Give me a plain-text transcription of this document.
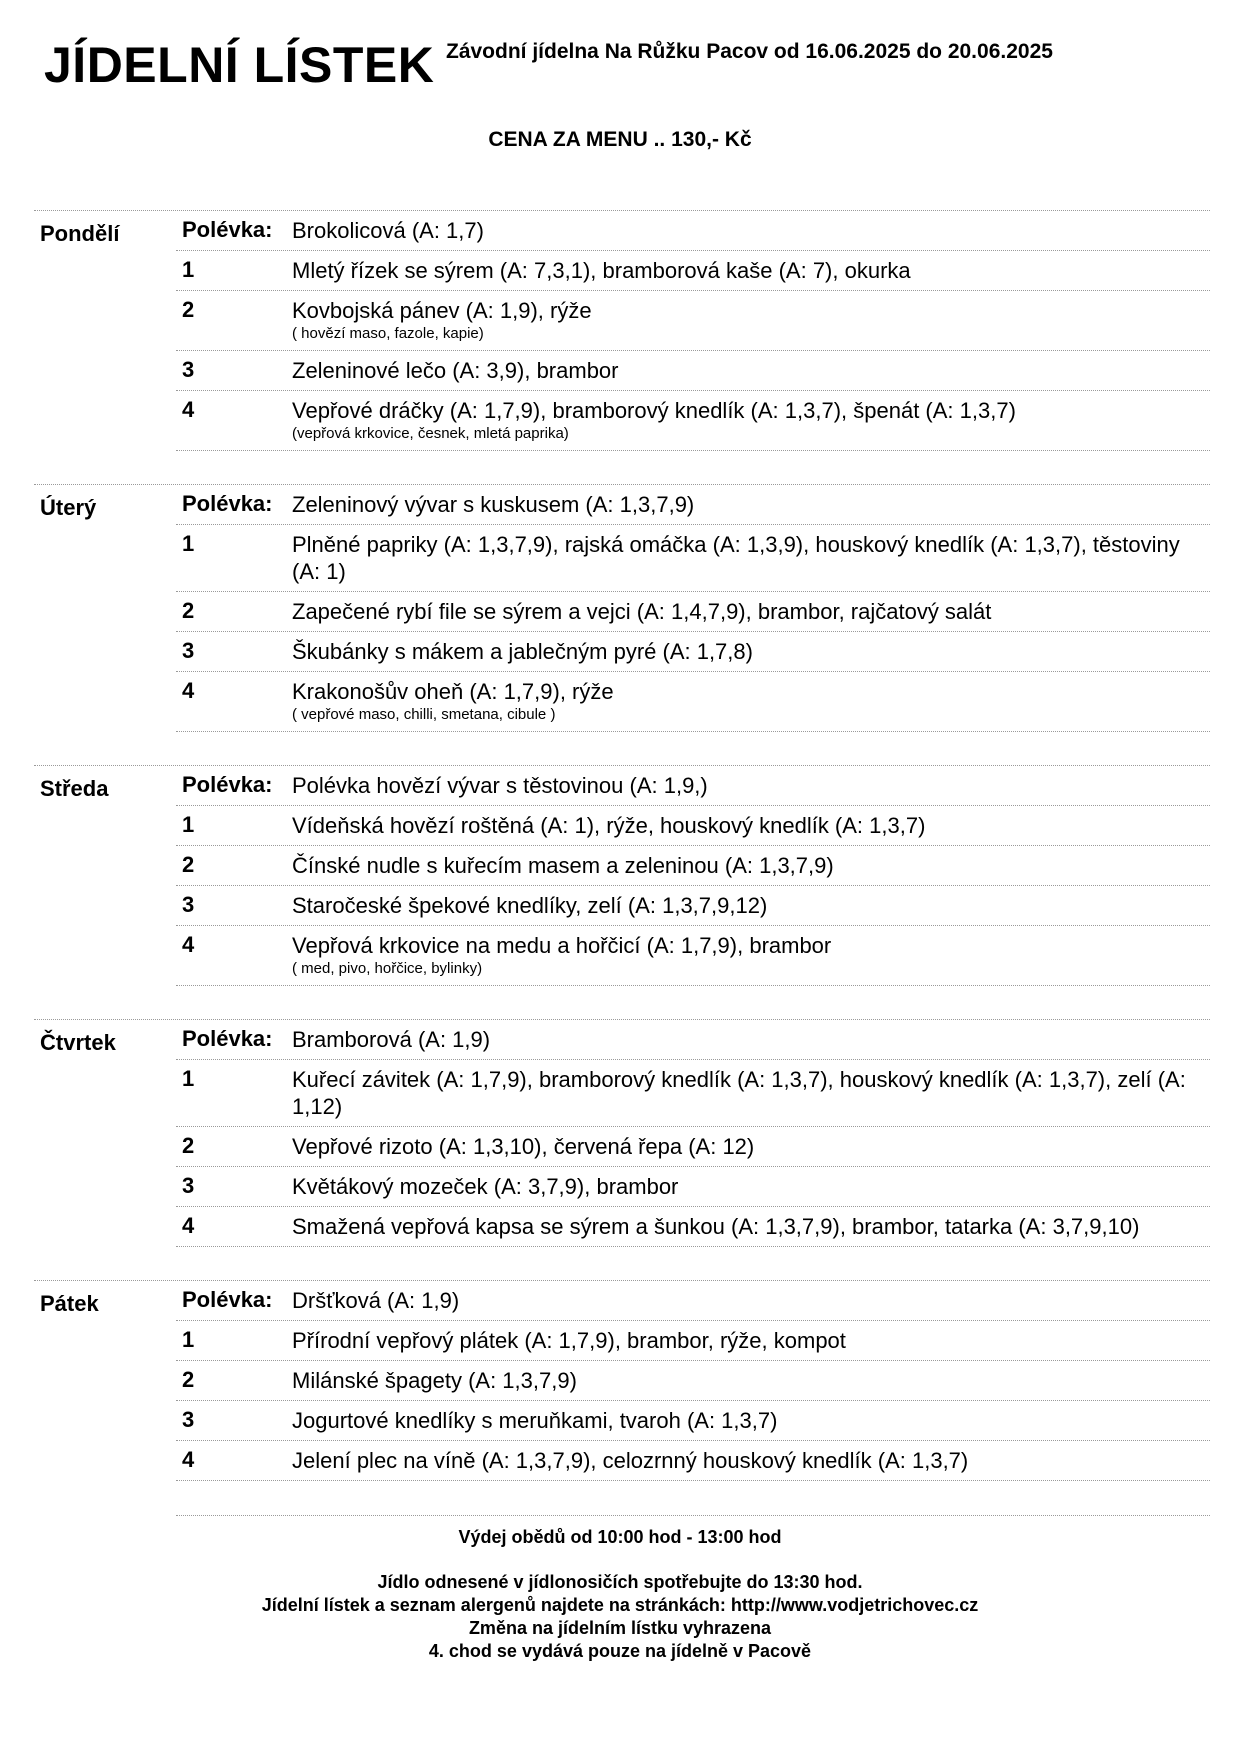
JÍDELNÍ LÍSTEK Závodní jídelna Na Růžku Pacov od 16.06.2025 do 20.06.2025
CENA ZA MENU .. 130,- Kč
Pondělí	Polévka: Brokolicová (A: 1,7)
1	Mletý řízek se sýrem (A: 7,3,1), bramborová kaše (A: 7), okurka
2	Kovbojská pánev (A: 1,9), rýže
( hovězí maso, fazole, kapie)
3	Zeleninové lečo (A: 3,9), brambor
4	Vepřové dráčky (A: 1,7,9), bramborový knedlík (A: 1,3,7), špenát (A: 1,3,7)
(vepřová krkovice, česnek, mletá paprika)
Úterý	Polévka: Zeleninový vývar s kuskusem (A: 1,3,7,9)
1	Plněné papriky (A: 1,3,7,9), rajská omáčka (A: 1,3,9), houskový knedlík (A: 1,3,7), těstoviny (A: 1)
2	Zapečené rybí file se sýrem a vejci (A: 1,4,7,9), brambor, rajčatový salát
3	Škubánky s mákem a jablečným pyré (A: 1,7,8)
4	Krakonošův oheň (A: 1,7,9), rýže
( vepřové maso, chilli, smetana, cibule )
Středa	Polévka: Polévka hovězí vývar s těstovinou (A: 1,9,)
1	Vídeňská hovězí roštěná (A: 1), rýže, houskový knedlík (A: 1,3,7)
2	Čínské nudle s kuřecím masem a zeleninou (A: 1,3,7,9)
3	Staročeské špekové knedlíky, zelí (A: 1,3,7,9,12)
4	Vepřová krkovice na medu a hořčicí (A: 1,7,9), brambor
( med, pivo, hořčice, bylinky)
Čtvrtek	Polévka: Bramborová (A: 1,9)
1	Kuřecí závitek (A: 1,7,9), bramborový knedlík (A: 1,3,7), houskový knedlík (A: 1,3,7), zelí (A: 1,12)
2	Vepřové rizoto (A: 1,3,10), červená řepa (A: 12)
3	Květákový mozeček (A: 3,7,9), brambor
4	Smažená vepřová kapsa se sýrem a šunkou (A: 1,3,7,9), brambor, tatarka (A: 3,7,9,10)
Pátek	Polévka: Dršťková (A: 1,9)
1	Přírodní vepřový plátek (A: 1,7,9), brambor, rýže, kompot
2	Milánské špagety (A: 1,3,7,9)
3	Jogurtové knedlíky s meruňkami, tvaroh (A: 1,3,7)
4	Jelení plec na víně (A: 1,3,7,9), celozrnný houskový knedlík (A: 1,3,7)
Výdej obědů od 10:00 hod - 13:00 hod
Jídlo odnesené v jídlonosičích spotřebujte do 13:30 hod.
Jídelní lístek a seznam alergenů najdete na stránkách: http://www.vodjetrichovec.cz
Změna na jídelním lístku vyhrazena
4. chod se vydává pouze na jídelně v Pacově
